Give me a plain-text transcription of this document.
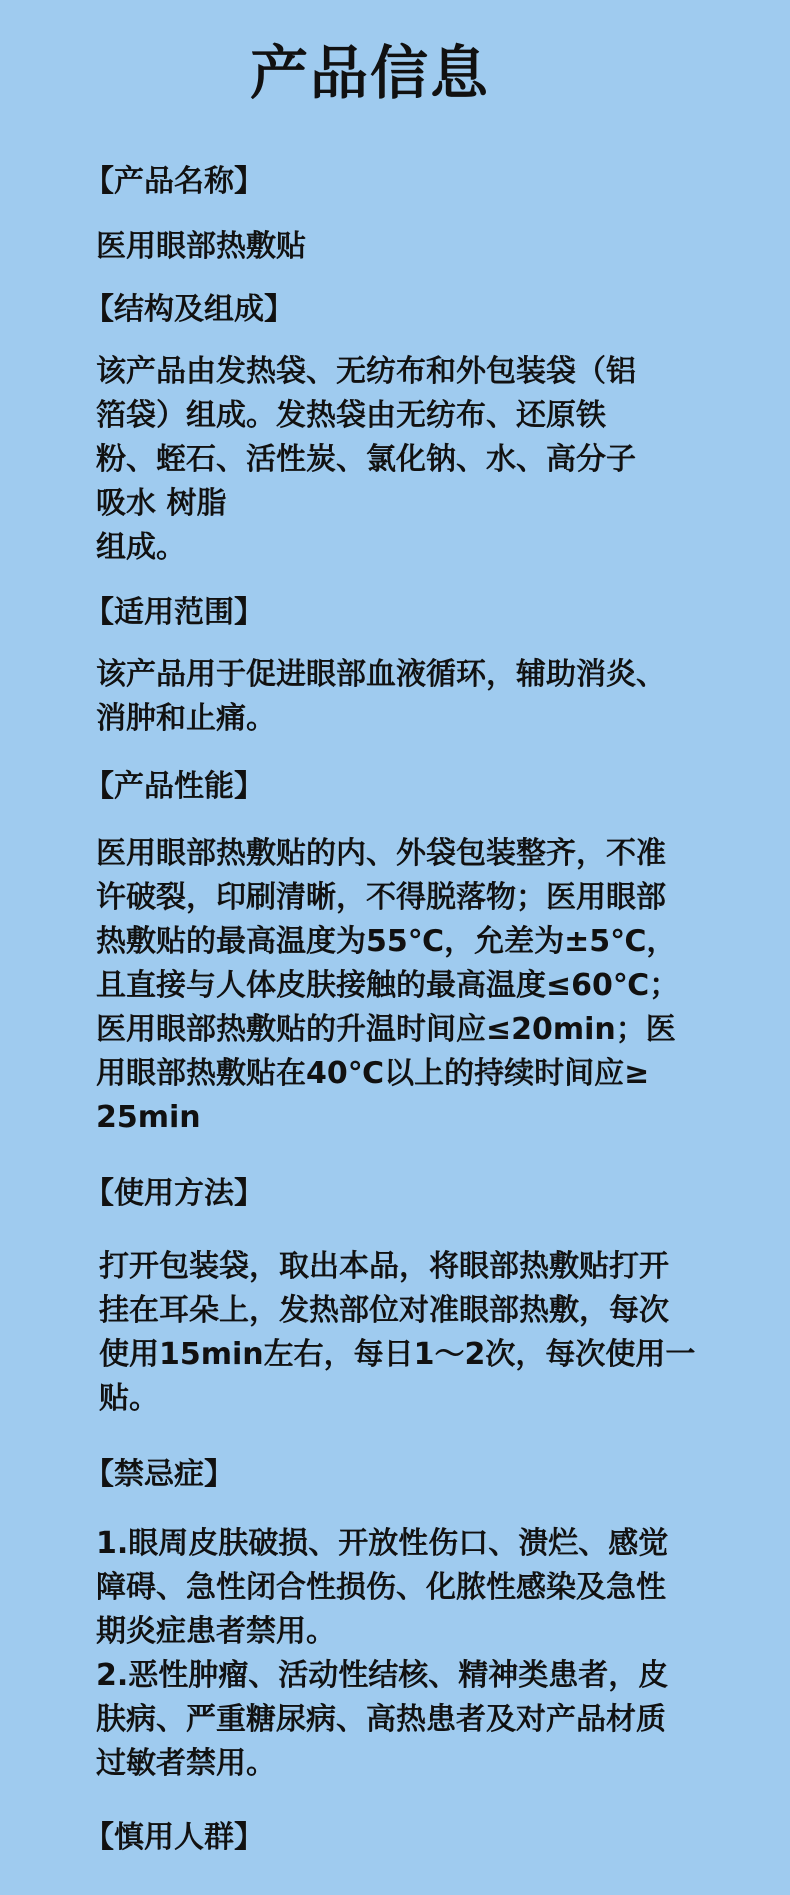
产品信息
【产品名称】
医用眼部热敷贴
【结构及组成】
该产品由发热袋、无纺布和外包装袋（铝
箔袋）组成。发热袋由无纺布、还原铁
粉、蛭石、活性炭、氯化钠、水、高分子
吸水 树脂
组成。
【适用范围】
该产品用于促进眼部血液循环，辅助消炎、
消肿和止痛。
【产品性能】
医用眼部热敷贴的内、外袋包装整齐，不准
许破裂，印刷清晰，不得脱落物；医用眼部
热敷贴的最高温度为55℃，允差为±5℃，
且直接与人体皮肤接触的最高温度≤60℃；
医用眼部热敷贴的升温时间应≤20min；医
用眼部热敷贴在40℃以上的持续时间应≥
25min
【使用方法】
打开包装袋，取出本品，将眼部热敷贴打开
挂在耳朵上，发热部位对准眼部热敷，每次
使用15min左右，每日1～2次，每次使用一
贴。
【禁忌症】
1.眼周皮肤破损、开放性伤口、溃烂、感觉
障碍、急性闭合性损伤、化脓性感染及急性
期炎症患者禁用。
2.恶性肿瘤、活动性结核、精神类患者，皮
肤病、严重糖尿病、高热患者及对产品材质
过敏者禁用。
【慎用人群】
